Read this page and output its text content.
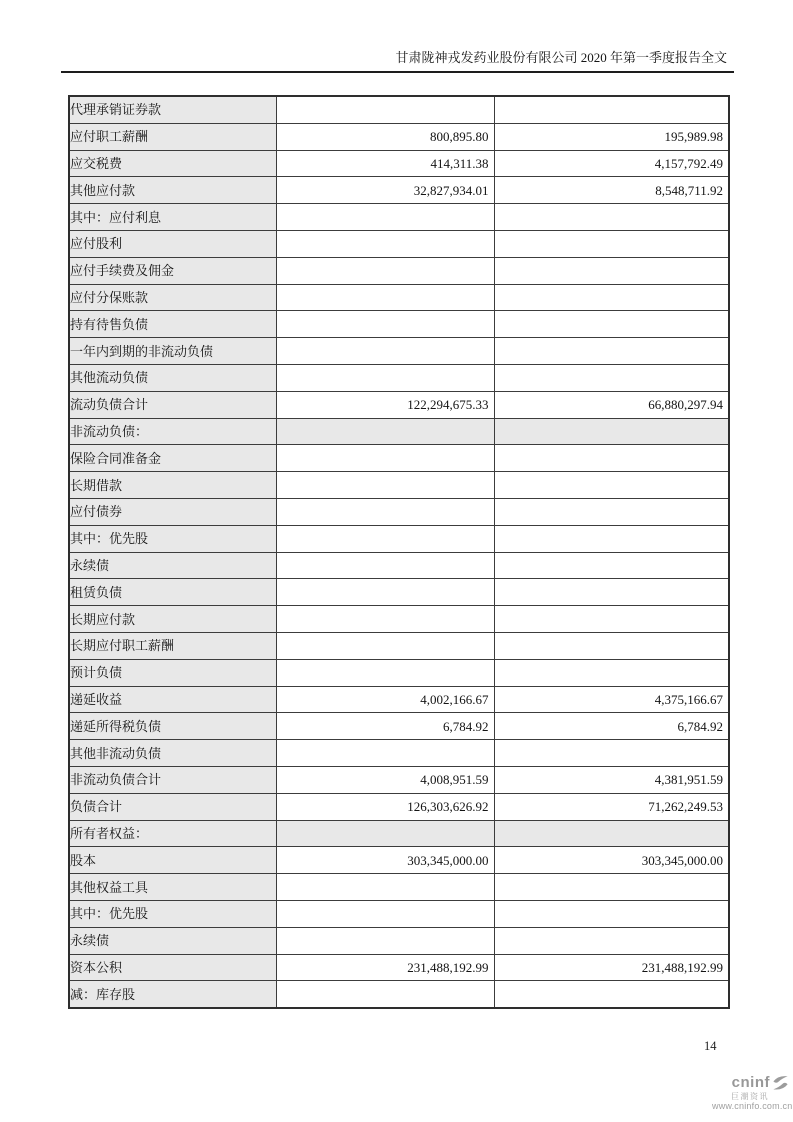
甘肃陇神戎发药业股份有限公司 2020 年第一季度报告全文
代理承销证券款		
应付职工薪酬	800,895.80	195,989.98
应交税费	414,311.38	4,157,792.49
其他应付款	32,827,934.01	8,548,711.92
其中：应付利息		
应付股利		
应付手续费及佣金		
应付分保账款		
持有待售负债		
一年内到期的非流动负债		
其他流动负债		
流动负债合计	122,294,675.33	66,880,297.94
非流动负债：		
保险合同准备金		
长期借款		
应付债券		
其中：优先股		
永续债		
租赁负债		
长期应付款		
长期应付职工薪酬		
预计负债		
递延收益	4,002,166.67	4,375,166.67
递延所得税负债	6,784.92	6,784.92
其他非流动负债		
非流动负债合计	4,008,951.59	4,381,951.59
负债合计	126,303,626.92	71,262,249.53
所有者权益：		
股本	303,345,000.00	303,345,000.00
其他权益工具		
其中：优先股		
永续债		
资本公积	231,488,192.99	231,488,192.99
减：库存股		
14
cninf
巨潮资讯
www.cninfo.com.cn
